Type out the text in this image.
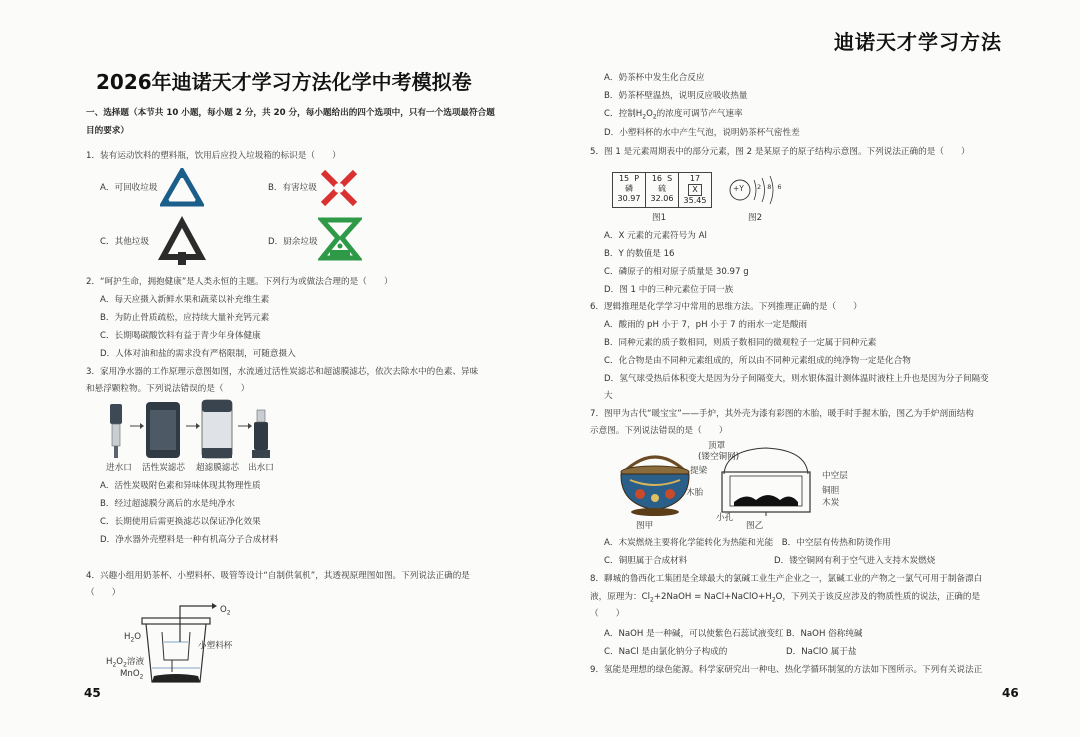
迪诺天才学习方法
2026年迪诺天才学习方法化学中考模拟卷
一、选择题（本节共 10 小题，每小题 2 分，共 20 分，每小题给出的四个选项中，只有一个选项最符合题
目的要求）
1．装有运动饮料的塑料瓶，饮用后应投入垃圾箱的标识是（　　）
A．可回收垃圾	B．有害垃圾
C．其他垃圾	D．厨余垃圾
2．“呵护生命，拥抱健康”是人类永恒的主题。下列行为或做法合理的是（　　）
A．每天应摄入新鲜水果和蔬菜以补充维生素
B．为防止骨质疏松，应持续大量补充钙元素
C．长期喝碳酸饮料有益于青少年身体健康
D．人体对油和盐的需求没有严格限制，可随意摄入
3．家用净水器的工作原理示意图如图，水流通过活性炭滤芯和超滤膜滤芯，依次去除水中的色素、异味
和悬浮颗粒物。下列说法错误的是（　　）
进水口 活性炭滤芯 超滤膜滤芯 出水口
A．活性炭吸附色素和异味体现其物理性质
B．经过超滤膜分离后的水是纯净水
C．长期使用后需更换滤芯以保证净化效果
D．净水器外壳塑料是一种有机高分子合成材料
4．兴趣小组用奶茶杯、小塑料杯、吸管等设计“自制供氧机”，其透视原理图如图。下列说法正确的是
（　　）
$O_2$
$H_2O$
小塑料杯
$H_2O_2$溶液
MnO$_2$
45	46
A．奶茶杯中发生化合反应
B．奶茶杯壁温热，说明反应吸收热量
C．控制$H_2O_2$的浓度可调节产气速率
D．小塑料杯的水中产生气泡，说明奶茶杯气密性差
5．图 1 是元素周期表中的部分元素，图 2 是某原子的原子结构示意图。下列说法正确的是（　　）
15 P
磷
30.97	16 S
硫
32.06	17
X
35.45
图1
+Y 2 8 6
图2
A．X 元素的元素符号为 Al
B．Y 的数值是 16
C．磷原子的相对原子质量是 30.97 g
D．图 1 中的三种元素位于同一族
6．逻辑推理是化学学习中常用的思维方法。下列推理正确的是（　　）
A．酸雨的 pH 小于 7，pH 小于 7 的雨水一定是酸雨
B．同种元素的质子数相同，则质子数相同的微观粒子一定属于同种元素
C．化合物是由不同种元素组成的，所以由不同种元素组成的纯净物一定是化合物
D．氢气球受热后体积变大是因为分子间隔变大，则水银体温计测体温时液柱上升也是因为分子间隔变
大
7．图甲为古代“暖宝宝”——手炉，其外壳为漆有彩图的木胎，暖手时手握木胎，图乙为手炉剖面结构
示意图。下列说法错误的是（　　）
顶罩
(镂空铜网)
提梁
木胎
小孔
中空层
铜胆
木炭
图甲	图乙
A．木炭燃烧主要将化学能转化为热能和光能　B．中空层有传热和防烫作用
C．铜胆属于合成材料	D．镂空铜网有利于空气进入支持木炭燃烧
8．聊城的鲁西化工集团是全球最大的氯碱工业生产企业之一，氯碱工业的产物之一氯气可用于制备漂白
液，原理为：$Cl_2+2NaOH$ = $NaCl+NaClO+H_2O$，下列关于该反应涉及的物质性质的说法，正确的是
（　　）
A．NaOH 是一种碱，可以使紫色石蕊试液变红 B．NaOH 俗称纯碱
C．NaCl 是由氯化钠分子构成的	D．NaClO 属于盐
9．氢能是理想的绿色能源。科学家研究出一种电、热化学循环制氢的方法如下图所示。下列有关说法正
